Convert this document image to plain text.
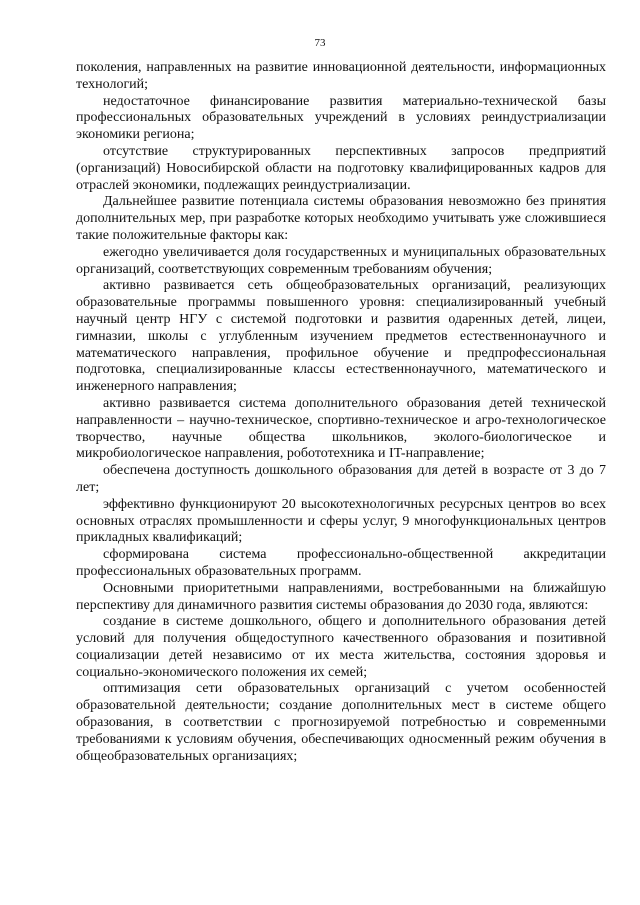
73

поколения, направленных на развитие инновационной деятельности, информационных технологий;

недостаточное финансирование развития материально-технической базы профессиональных образовательных учреждений в условиях реиндустриализации экономики региона;

отсутствие структурированных перспективных запросов предприятий (организаций) Новосибирской области на подготовку квалифицированных кадров для отраслей экономики, подлежащих реиндустриализации.

Дальнейшее развитие потенциала системы образования невозможно без принятия дополнительных мер, при разработке которых необходимо учитывать уже сложившиеся такие положительные факторы как:

ежегодно увеличивается доля государственных и муниципальных образовательных организаций, соответствующих современным требованиям обучения;

активно развивается сеть общеобразовательных организаций, реализующих образовательные программы повышенного уровня: специализированный учебный научный центр НГУ с системой подготовки и развития одаренных детей, лицеи, гимназии, школы с углубленным изучением предметов естественнонаучного и математического направления, профильное обучение и предпрофессиональная подготовка, специализированные классы естественнонаучного, математического и инженерного направления;

активно развивается система дополнительного образования детей технической направленности – научно-техническое, спортивно-техническое и агро-технологическое творчество, научные общества школьников, эколого-биологическое и микробиологическое направления, робототехника и IT-направление;

обеспечена доступность дошкольного образования для детей в возрасте от 3 до 7 лет;

эффективно функционируют 20 высокотехнологичных ресурсных центров во всех основных отраслях промышленности и сферы услуг, 9 многофункциональных центров прикладных квалификаций;

сформирована система профессионально-общественной аккредитации профессиональных образовательных программ.

Основными приоритетными направлениями, востребованными на ближайшую перспективу для динамичного развития системы образования до 2030 года, являются:

создание в системе дошкольного, общего и дополнительного образования детей условий для получения общедоступного качественного образования и позитивной социализации детей независимо от их места жительства, состояния здоровья и социально-экономического положения их семей;

оптимизация сети образовательных организаций с учетом особенностей образовательной деятельности; создание дополнительных мест в системе общего образования, в соответствии с прогнозируемой потребностью и современными требованиями к условиям обучения, обеспечивающих односменный режим обучения в общеобразовательных организациях;
